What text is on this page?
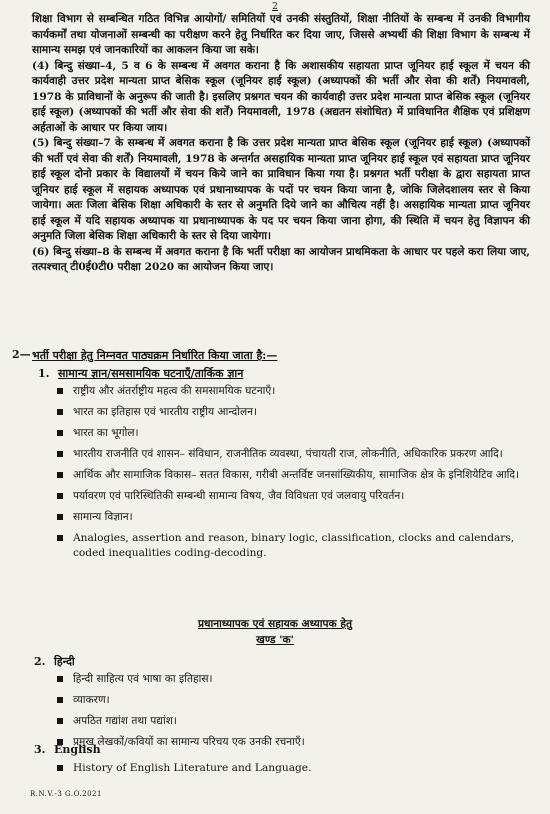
2

शिक्षा विभाग से सम्बन्धित गठित विभिन्न आयोगों/ समितियों एवं उनकी संस्तुतियों, शिक्षा नीतियों के सम्बन्ध में उनकी विभागीय कार्यकर्मों तथा योजनाओं सम्बन्धी का परीक्षण करने हेतु निर्धारित कर दिया जाए, जिससे अभ्यर्थी की शिक्षा विभाग के सम्बन्ध में सामान्य समझ एवं जानकारियों का आकलन किया जा सके।

(4) बिन्दु संख्या–4, 5 व 6 के सम्बन्ध में अवगत कराना है कि अशासकीय सहायता प्राप्त जूनियर हाई स्कूल में चयन की कार्यवाही उत्तर प्रदेश मान्यता प्राप्त बेसिक स्कूल (जूनियर हाई स्कूल) (अध्यापकों की भर्ती और सेवा की शर्तें) नियमावली, 1978 के प्राविधानों के अनुरूप की जाती है। इसलिए प्रश्नगत चयन की कार्यवाही उत्तर प्रदेश मान्यता प्राप्त बेसिक स्कूल (जूनियर हाई स्कूल) (अध्यापकों की भर्ती और सेवा की शर्तें) नियमावली, 1978 (अद्यतन संशोधित) में प्राविधानित शैक्षिक एवं प्रशिक्षण अर्हताओं के आधार पर किया जाय।

(5) बिन्दु संख्या–7 के सम्बन्ध में अवगत कराना है कि उत्तर प्रदेश मान्यता प्राप्त बेसिक स्कूल (जूनियर हाई स्कूल) (अध्यापकों की भर्ती एवं सेवा की शर्तें) नियमावली, 1978 के अन्तर्गत असहायिक मान्यता प्राप्त जूनियर हाई स्कूल एवं सहायता प्राप्त जूनियर हाई स्कूल दोनो प्रकार के विद्यालयों में चयन किये जाने का प्राविधान किया गया है। प्रश्नगत भर्ती परीक्षा के द्वारा सहायता प्राप्त जूनियर हाई स्कूल में सहायक अध्यापक एवं प्रधानाध्यापक के पदों पर चयन किया जाना है, जोकि जिलेदशालय स्तर से किया जायेगा। अतः जिला बेसिक शिक्षा अधिकारी के स्तर से अनुमति दिये जाने का औचित्य नहीं है। असहायिक मान्यता प्राप्त जूनियर हाई स्कूल में यदि सहायक अध्यापक या प्रधानाध्यापक के पद पर चयन किया जाना होगा, की स्थिति में चयन हेतु विज्ञापन की अनुमति जिला बेसिक शिक्षा अधिकारी के स्तर से दिया जायेगा।

(6) बिन्दु संख्या–8 के सम्बन्ध में अवगत कराना है कि भर्ती परीक्षा का आयोजन प्राथमिकता के आधार पर पहले करा लिया जाए, तत्पश्चात् टी0ई0टी0 परीक्षा 2020 का आयोजन किया जाए।

2— भर्ती परीक्षा हेतु निम्नवत पाठ्यक्रम निर्धारित किया जाता है:—
1. सामान्य ज्ञान/समसामयिक घटनाएँ/तार्किक ज्ञान
राष्ट्रीय और अंतर्राष्ट्रीय महत्व की समसामयिक घटनाएँ।
भारत का इतिहास एवं भारतीय राष्ट्रीय आन्दोलन।
भारत का भूगोल।
भारतीय राजनीति एवं शासन– संविधान, राजनीतिक व्यवस्था, पंचायती राज, लोकनीति, अधिकारिक प्रकरण आदि।
आर्थिक और सामाजिक विकास– सतत विकास, गरीबी अन्तर्विष्ट जनसांख्यिकीय, सामाजिक क्षेत्र के इनिशियेटिव आदि।
पर्यावरण एवं पारिस्थितिकी सम्बन्धी सामान्य विषय, जैव विविधता एवं जलवायु परिवर्तन।
सामान्य विज्ञान।
Analogies, assertion and reason, binary logic, classification, clocks and calendars, coded inequalities coding-decoding.
प्रधानाध्यापक एवं सहायक अध्यापक हेतु
खण्ड 'क'
2. हिन्दी
हिन्दी साहित्य एवं भाषा का इतिहास।
व्याकरण।
अपठित गद्यांश तथा पद्यांश।
प्रमुख लेखकों/कवियों का सामान्य परिचय एक उनकी रचनाएँ।
3. English
History of English Literature and Language.
R.N.V.-3 G.O.2021
